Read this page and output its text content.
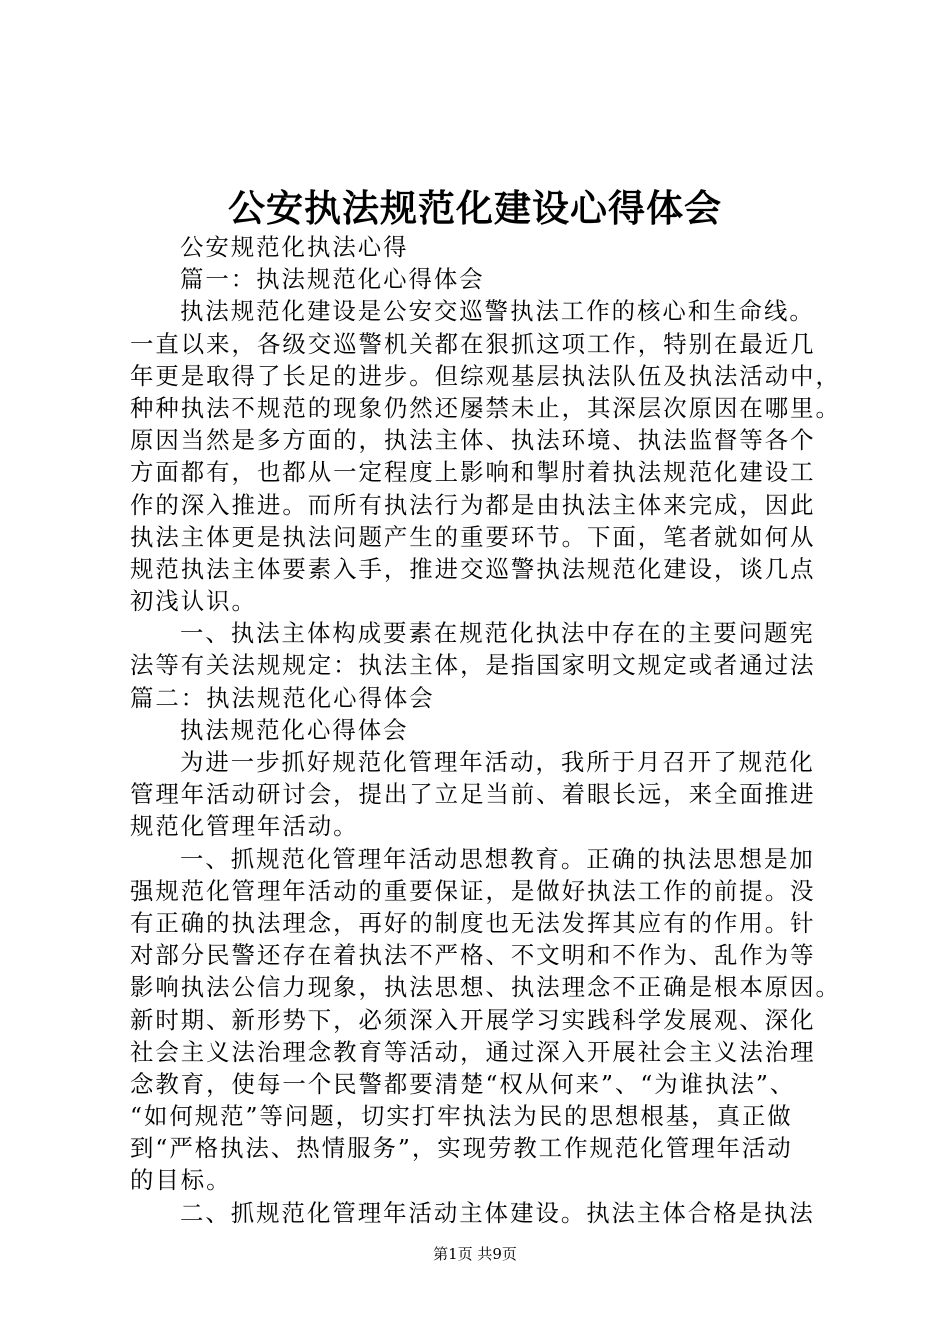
公安执法规范化建设心得体会
公安规范化执法心得
篇一：执法规范化心得体会
执法规范化建设是公安交巡警执法工作的核心和生命线。
一直以来，各级交巡警机关都在狠抓这项工作，特别在最近几
年更是取得了长足的进步。但综观基层执法队伍及执法活动中，
种种执法不规范的现象仍然还屡禁未止，其深层次原因在哪里。
原因当然是多方面的，执法主体、执法环境、执法监督等各个
方面都有，也都从一定程度上影响和掣肘着执法规范化建设工
作的深入推进。而所有执法行为都是由执法主体来完成，因此
执法主体更是执法问题产生的重要环节。下面，笔者就如何从
规范执法主体要素入手，推进交巡警执法规范化建设，谈几点
初浅认识。
一、执法主体构成要素在规范化执法中存在的主要问题宪
法等有关法规规定：执法主体，是指国家明文规定或者通过法
篇二：执法规范化心得体会
执法规范化心得体会
为进一步抓好规范化管理年活动，我所于月召开了规范化
管理年活动研讨会，提出了立足当前、着眼长远，来全面推进
规范化管理年活动。
一、抓规范化管理年活动思想教育。正确的执法思想是加
强规范化管理年活动的重要保证，是做好执法工作的前提。没
有正确的执法理念，再好的制度也无法发挥其应有的作用。针
对部分民警还存在着执法不严格、不文明和不作为、乱作为等
影响执法公信力现象，执法思想、执法理念不正确是根本原因。
新时期、新形势下，必须深入开展学习实践科学发展观、深化
社会主义法治理念教育等活动，通过深入开展社会主义法治理
念教育，使每一个民警都要清楚“权从何来”、“为谁执法”、
“如何规范”等问题，切实打牢执法为民的思想根基，真正做
到“严格执法、热情服务”，实现劳教工作规范化管理年活动
的目标。
二、抓规范化管理年活动主体建设。执法主体合格是执法
第1页 共9页
